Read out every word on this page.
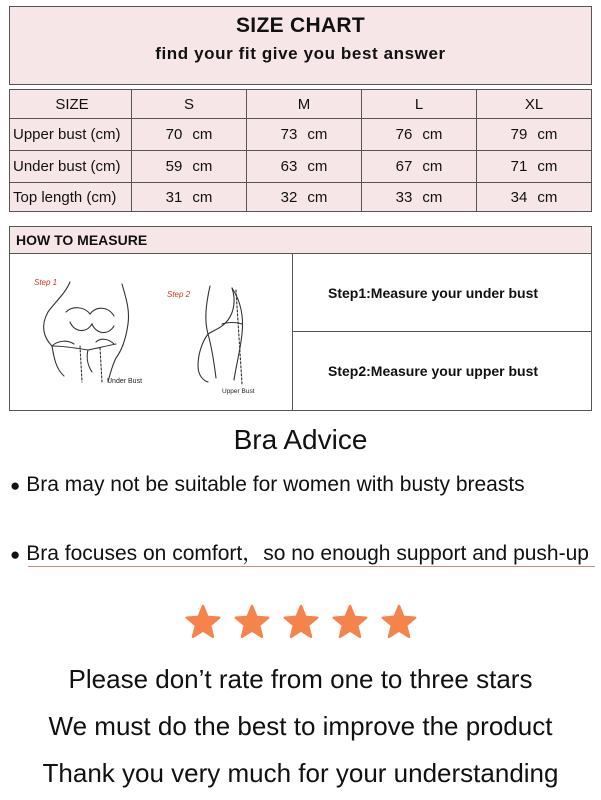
SIZE CHART
find your fit give you best answer
SIZE	S	M	L	XL
Upper bust (cm)	70 cm	73 cm	76 cm	79 cm
Under bust (cm)	59 cm	63 cm	67 cm	71 cm
Top length (cm)	31 cm	32 cm	33 cm	34 cm
HOW TO MEASURE
Step 1
Step 2
Under Bust
Upper Bust
Step1:Measure your under bust
Step2:Measure your upper bust
Bra Advice
● Bra may not be suitable for women with busty breasts
● Bra focuses on comfort，so no enough support and push-up
Please don’t rate from one to three stars
We must do the best to improve the product
Thank you very much for your understanding
